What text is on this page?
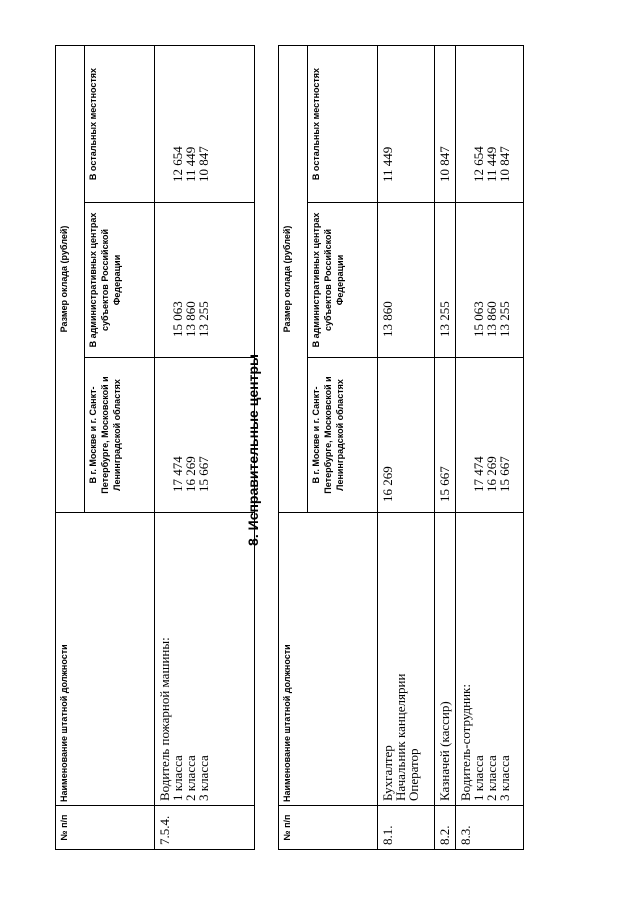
№ п/п
Наименование штатной должности
Размер оклада (рублей)
В г. Москве и г. Санкт-Петербурге, Московской и Ленинградской областях
В административных центрах субъектов Российской Федерации
В остальных местностях
7.5.4.
Водитель пожарной машины:
1 класса
2 класса
3 класса
17 474
16 269
15 667
15 063
13 860
13 255
12 654
11 449
10 847
8. Исправительные центры
№ п/п
Наименование штатной должности
Размер оклада (рублей)
В г. Москве и г. Санкт-Петербурге, Московской и Ленинградской областях
В административных центрах субъектов Российской Федерации
В остальных местностях
8.1.
Бухгалтер
Начальник канцелярии
Оператор
16 269
13 860
11 449
8.2.
Казначей (кассир)
15 667
13 255
10 847
8.3.
Водитель-сотрудник:
1 класса
2 класса
3 класса
17 474
16 269
15 667
15 063
13 860
13 255
12 654
11 449
10 847
